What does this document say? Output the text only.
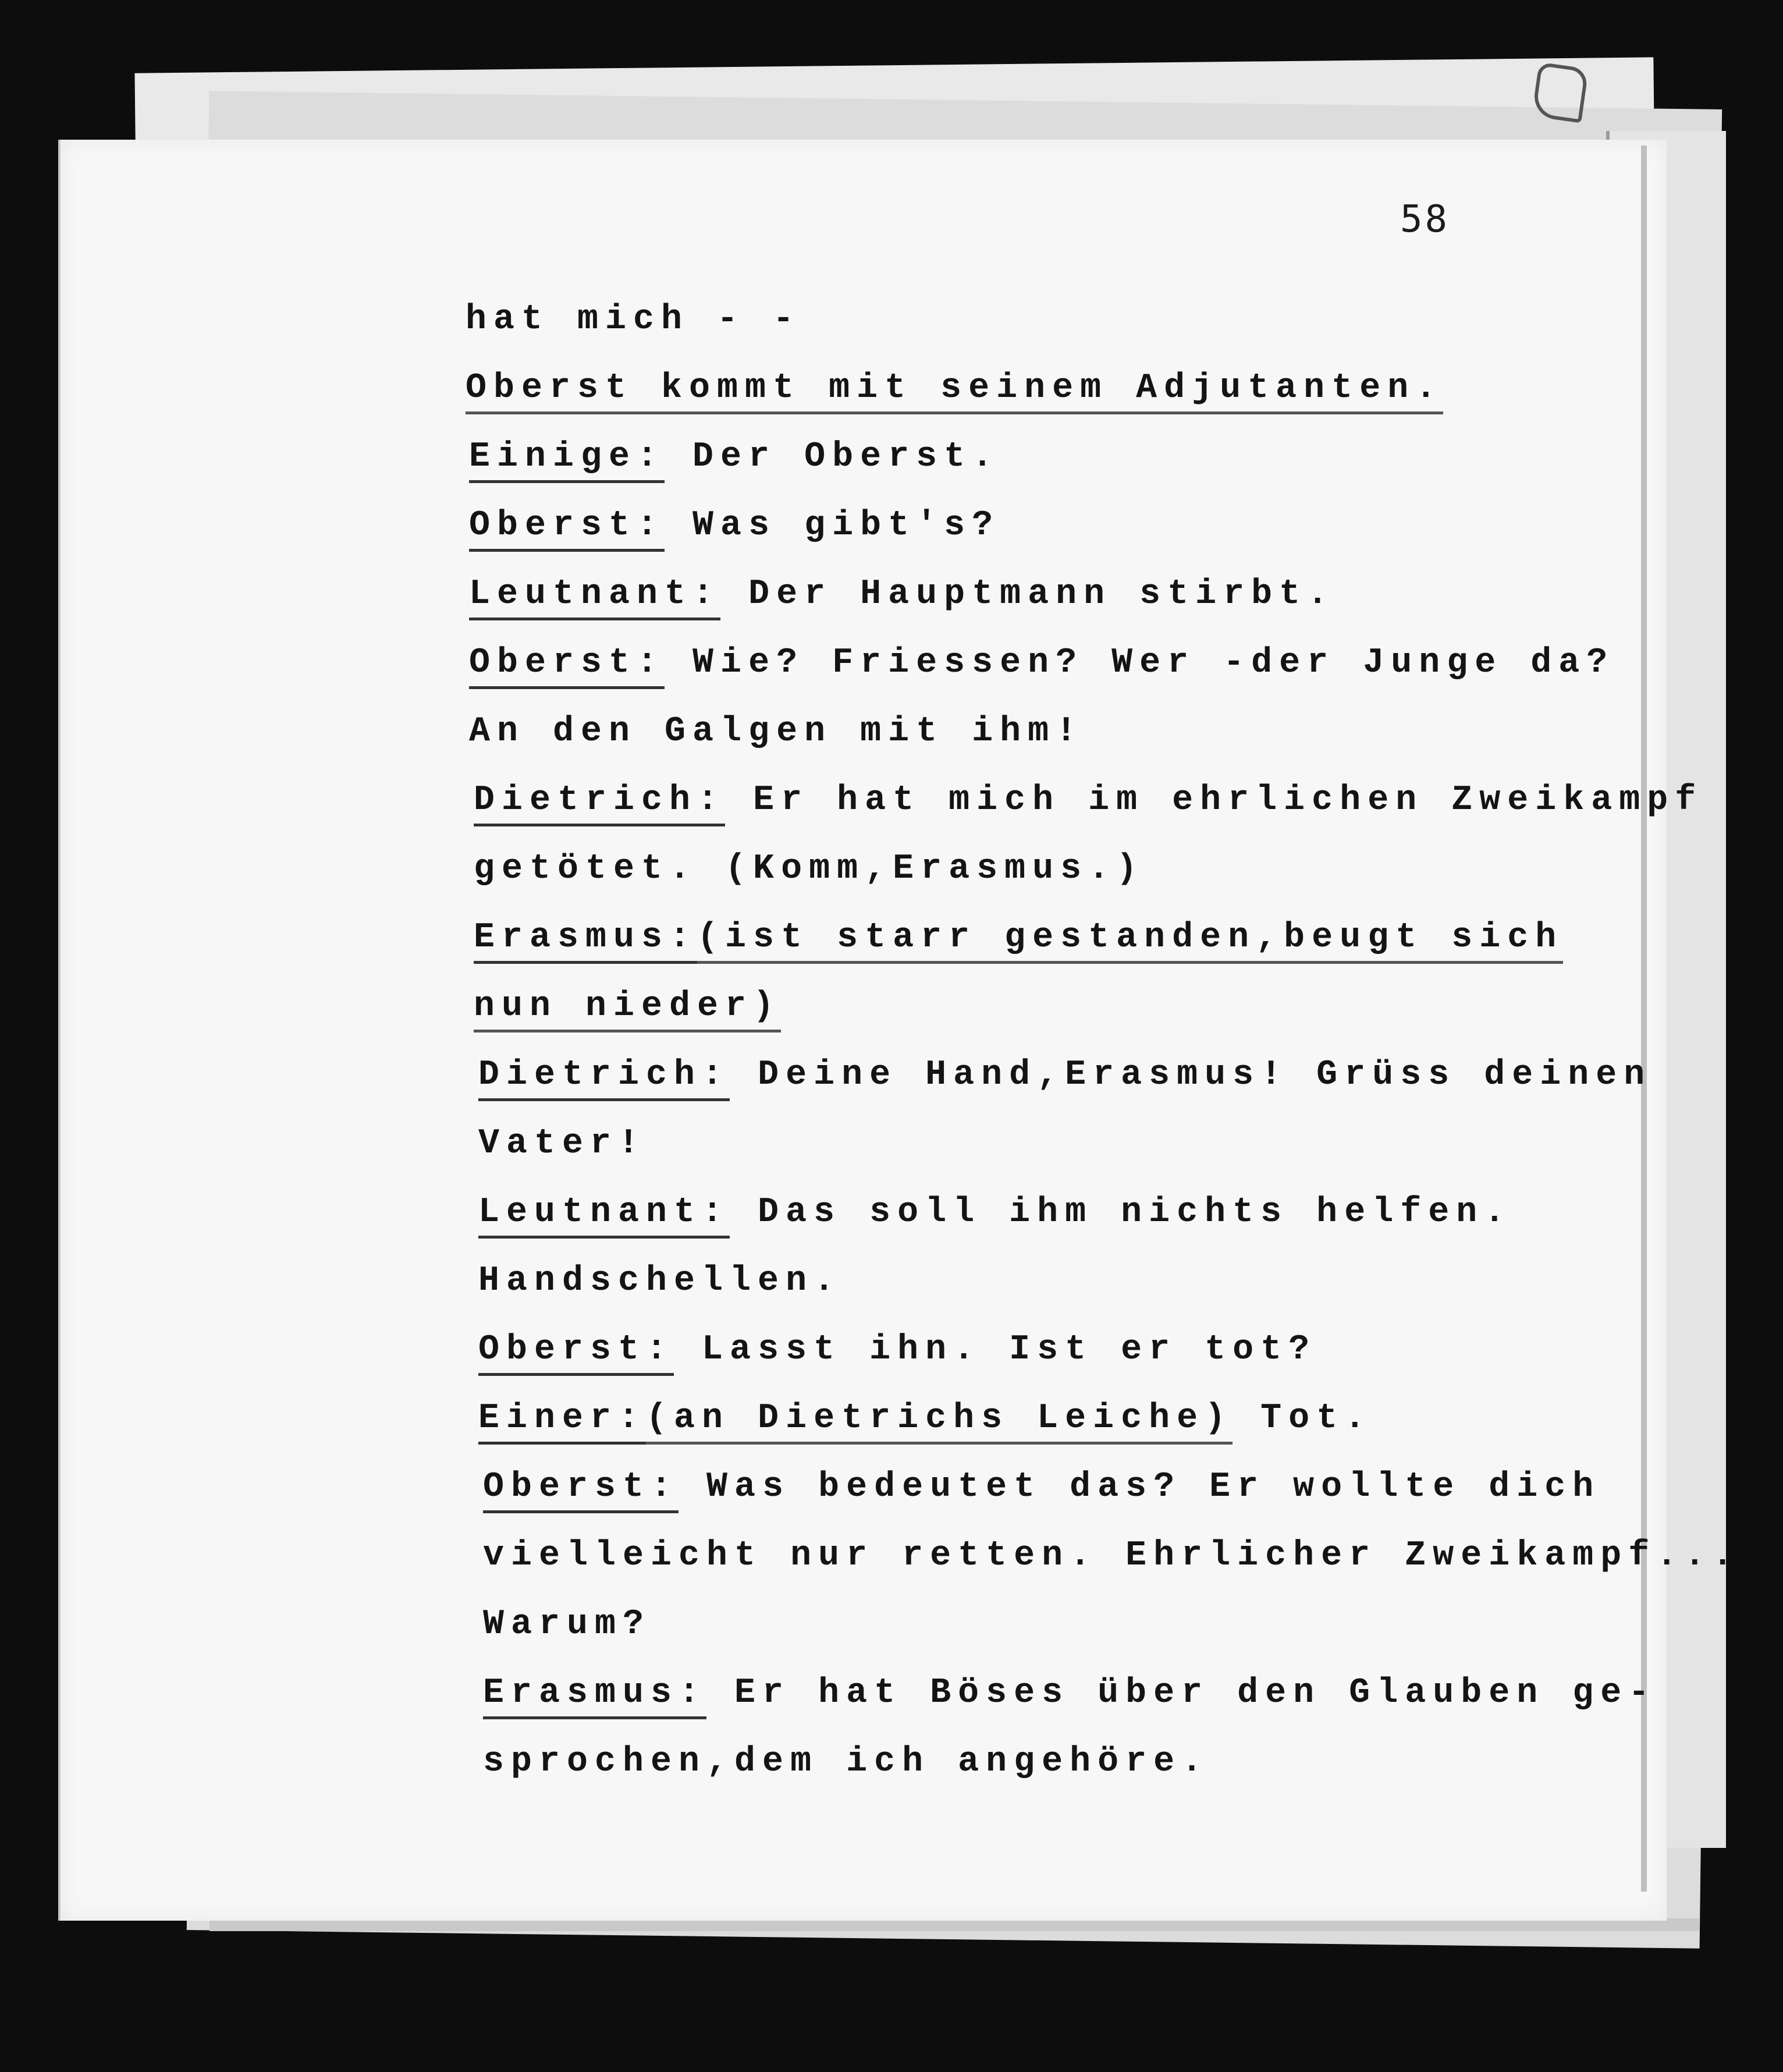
58
hat mich - -
Oberst kommt mit seinem Adjutanten.
Einige: Der Oberst.
Oberst: Was gibt's?
Leutnant: Der Hauptmann stirbt.
Oberst: Wie? Friessen? Wer -der Junge da?
An den Galgen mit ihm!
Dietrich: Er hat mich im ehrlichen Zweikampf
getötet. (Komm,Erasmus.)
Erasmus:(ist starr gestanden,beugt sich
nun nieder)
Dietrich: Deine Hand,Erasmus! Grüss deinen
Vater!
Leutnant: Das soll ihm nichts helfen.
Handschellen.
Oberst: Lasst ihn. Ist er tot?
Einer:(an Dietrichs Leiche) Tot.
Oberst: Was bedeutet das? Er wollte dich
vielleicht nur retten. Ehrlicher Zweikampf...
Warum?
Erasmus: Er hat Böses über den Glauben ge-
sprochen,dem ich angehöre.
